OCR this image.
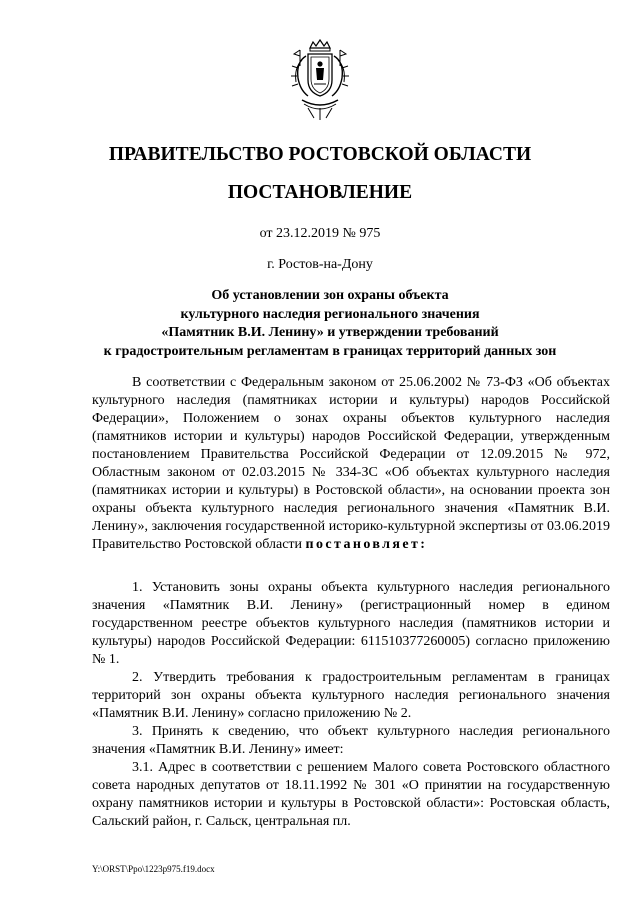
ПРАВИТЕЛЬСТВО РОСТОВСКОЙ ОБЛАСТИ
ПОСТАНОВЛЕНИЕ
от 23.12.2019 № 975
г. Ростов-на-Дону
Об установлении зон охраны объекта
культурного наследия регионального значения
«Памятник В.И. Ленину» и утверждении требований
к градостроительным регламентам в границах территорий данных зон

В соответствии с Федеральным законом от 25.06.2002 № 73-ФЗ «Об объектах культурного наследия (памятниках истории и культуры) народов Российской Федерации», Положением о зонах охраны объектов культурного наследия (памятников истории и культуры) народов Российской Федерации, утвержденным постановлением Правительства Российской Федерации от 12.09.2015 № 972, Областным законом от 02.03.2015 № 334-ЗС «Об объектах культурного наследия (памятниках истории и культуры) в Ростовской области», на основании проекта зон охраны объекта культурного наследия регионального значения «Памятник В.И. Ленину», заключения государственной историко-культурной экспертизы от 03.06.2019 Правительство Ростовской области постановляет:

1. Установить зоны охраны объекта культурного наследия регионального значения «Памятник В.И. Ленину» (регистрационный номер в едином государственном реестре объектов культурного наследия (памятников истории и культуры) народов Российской Федерации: 611510377260005) согласно приложению № 1.

2. Утвердить требования к градостроительным регламентам в границах территорий зон охраны объекта культурного наследия регионального значения «Памятник В.И. Ленину» согласно приложению № 2.

3. Принять к сведению, что объект культурного наследия регионального значения «Памятник В.И. Ленину» имеет:

3.1. Адрес в соответствии с решением Малого совета Ростовского областного совета народных депутатов от 18.11.1992 № 301 «О принятии на государственную охрану памятников истории и культуры в Ростовской области»: Ростовская область, Сальский район, г. Сальск, центральная пл.

Y:\ORST\Ppo\1223p975.f19.docx
